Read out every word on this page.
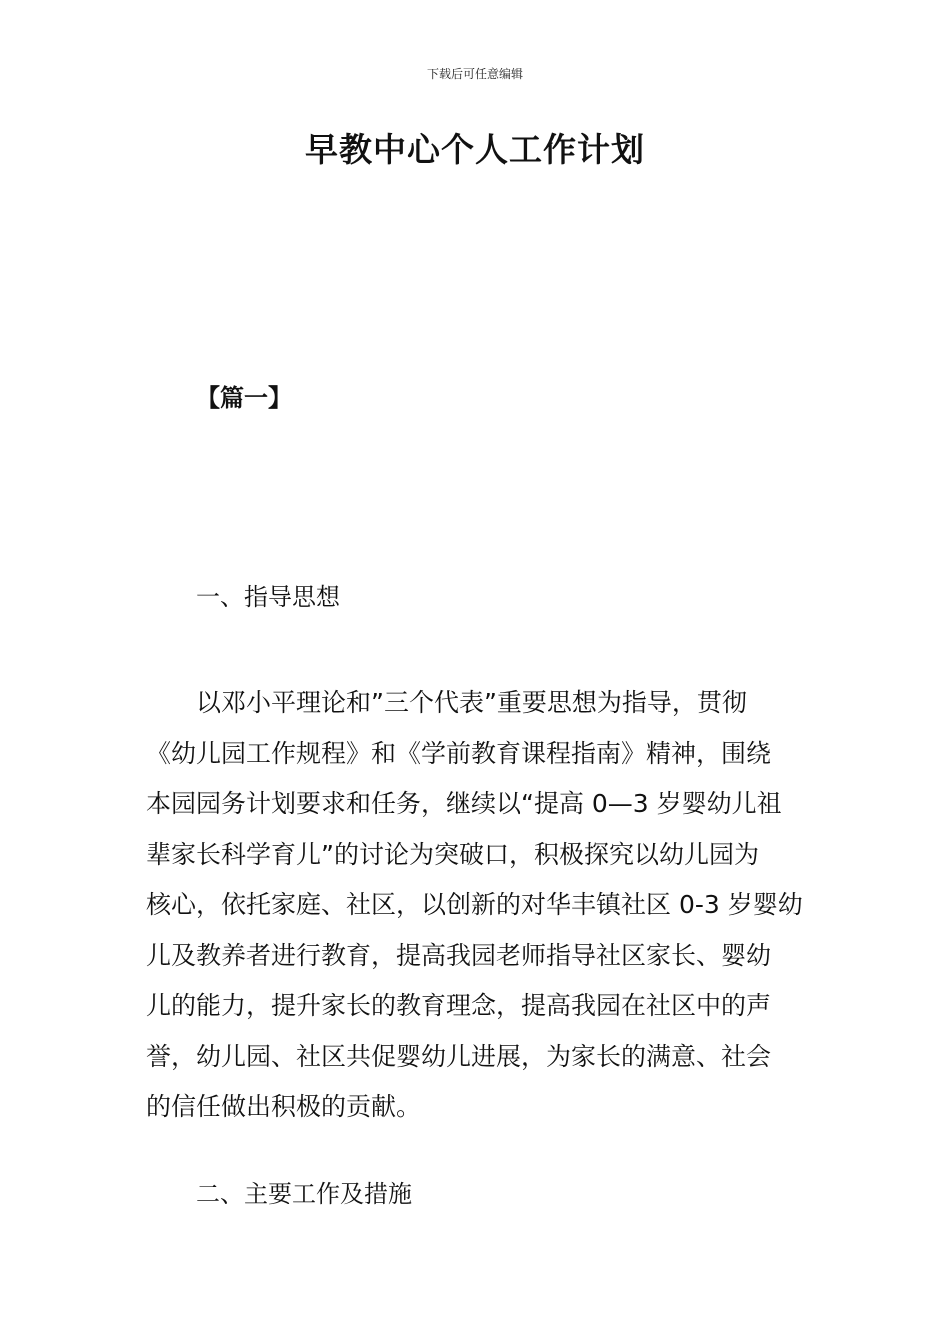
下载后可任意编辑
早教中心个人工作计划
【篇一】
一、指导思想
以邓小平理论和”三个代表”重要思想为指导，贯彻
《幼儿园工作规程》和《学前教育课程指南》精神，围绕
本园园务计划要求和任务，继续以“提高 0—3 岁婴幼儿祖
辈家长科学育儿”的讨论为突破口，积极探究以幼儿园为
核心，依托家庭、社区，以创新的对华丰镇社区 0-3 岁婴幼
儿及教养者进行教育，提高我园老师指导社区家长、婴幼
儿的能力，提升家长的教育理念，提高我园在社区中的声
誉，幼儿园、社区共促婴幼儿进展，为家长的满意、社会
的信任做出积极的贡献。
二、主要工作及措施
